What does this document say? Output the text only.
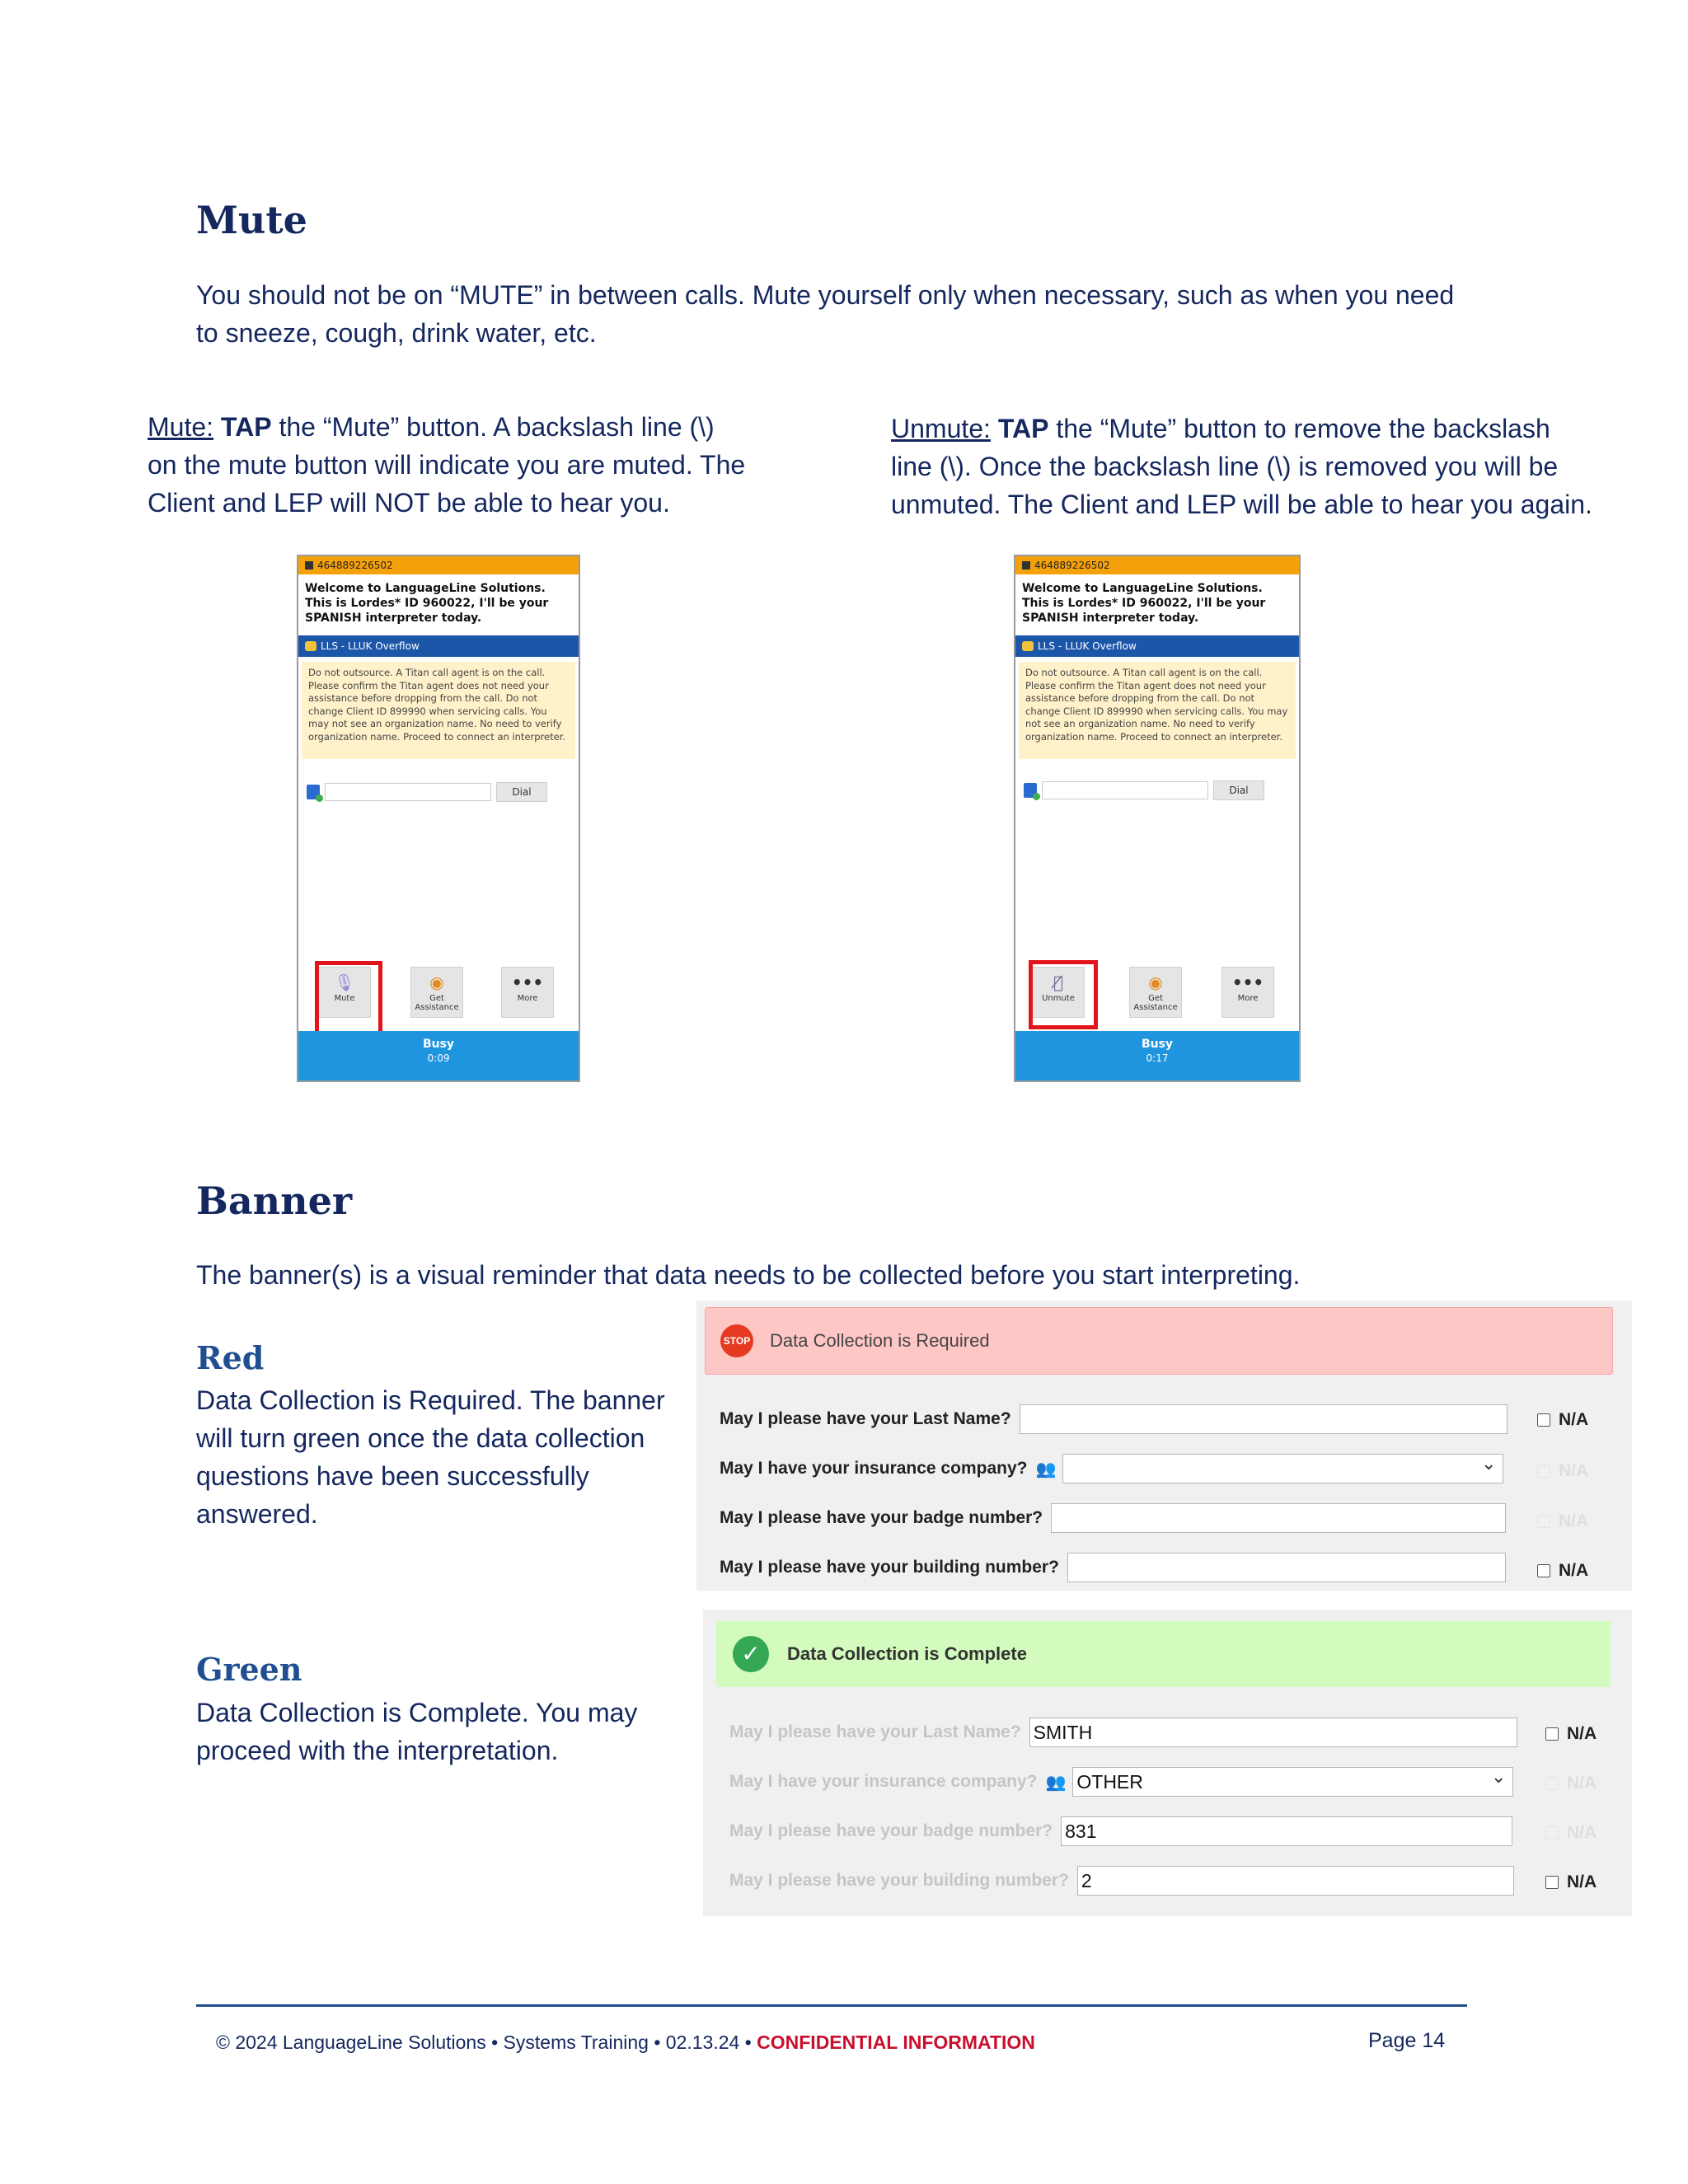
Mute
You should not be on “MUTE” in between calls. Mute yourself only when necessary, such as when you need
to sneeze, cough, drink water, etc.
Mute: TAP the “Mute” button. A backslash line (\)
on the mute button will indicate you are muted. The
Client and LEP will NOT be able to hear you.
Unmute: TAP the “Mute” button to remove the backslash
line (\). Once the backslash line (\) is removed you will be
unmuted. The Client and LEP will be able to hear you again.
464889226502
Welcome to LanguageLine Solutions. This is Lordes* ID 960022, I'll be your SPANISH interpreter today.
LLS - LLUK Overflow
Do not outsource. A Titan call agent is on the call. Please confirm the Titan agent does not need your assistance before dropping from the call. Do not change Client ID 899990 when servicing calls. You may not see an organization name. No need to verify organization name. Proceed to connect an interpreter.
Dial
🎙
Mute
◉
Get
Assistance
•••
More
Busy
0:09
464889226502
Welcome to LanguageLine Solutions. This is Lordes* ID 960022, I'll be your SPANISH interpreter today.
LLS - LLUK Overflow
Do not outsource. A Titan call agent is on the call. Please confirm the Titan agent does not need your assistance before dropping from the call. Do not change Client ID 899990 when servicing calls. You may not see an organization name. No need to verify organization name. Proceed to connect an interpreter.
Dial
🎙̸
Unmute
◉
Get
Assistance
•••
More
Busy
0:17
Banner
The banner(s) is a visual reminder that data needs to be collected before you start interpreting.
Red
Data Collection is Required. The banner
will turn green once the data collection
questions have been successfully
answered.
Green
Data Collection is Complete. You may
proceed with the interpretation.
STOP Data Collection is Required
May I please have your Last Name?	N/A
May I have your insurance company? 👥
⌄	N/A
May I please have your badge number?	N/A
May I please have your building number?	N/A
✓	Data Collection is Complete
May I please have your Last Name? SMITH	N/A
May I have your insurance company? 👥 OTHER ⌄	N/A
May I please have your badge number? 831	N/A
May I please have your building number? 2	N/A
© 2024 LanguageLine Solutions • Systems Training • 02.13.24 • CONFIDENTIAL INFORMATION	Page 14
